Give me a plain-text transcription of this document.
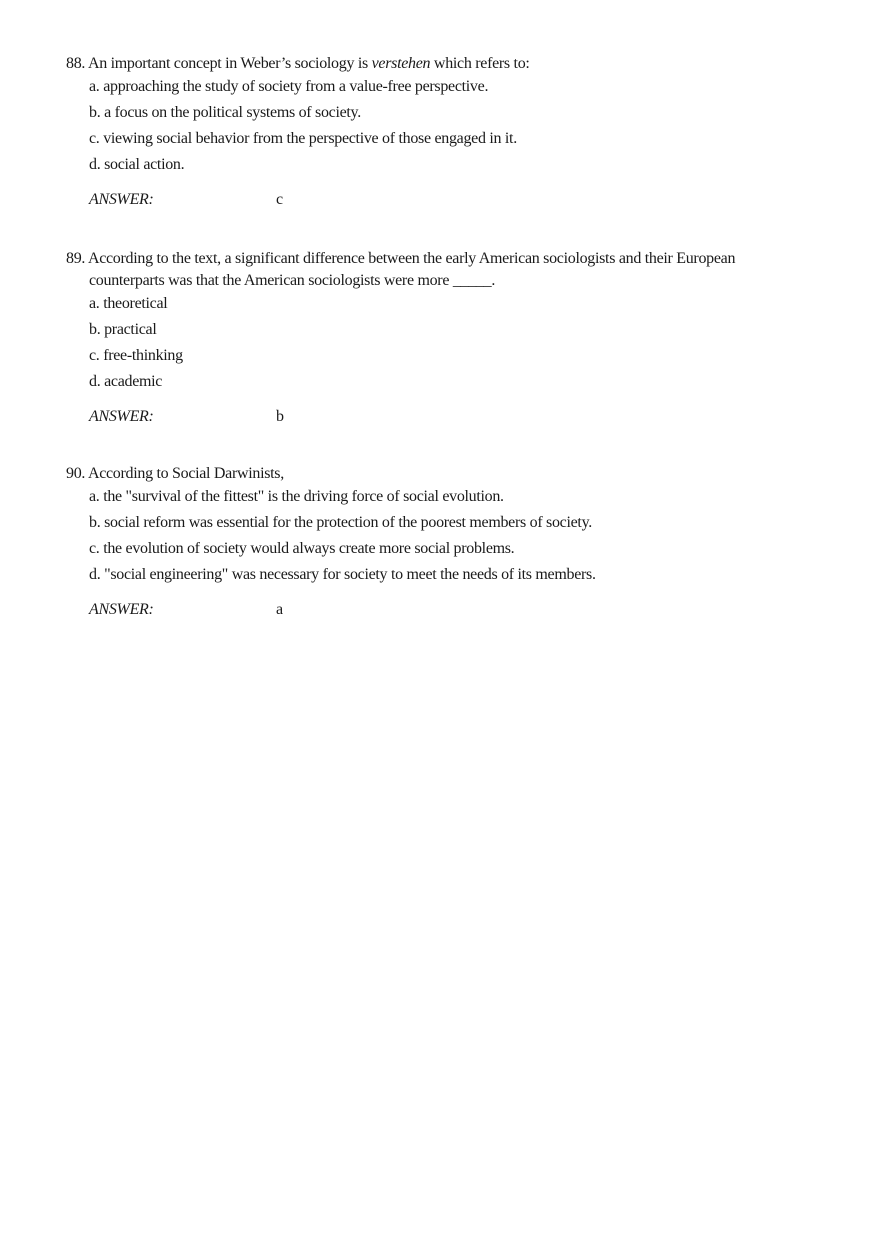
88. An important concept in Weber’s sociology is verstehen which refers to:

a. approaching the study of society from a value-free perspective.
b. a focus on the political systems of society.
c. viewing social behavior from the perspective of those engaged in it.
d. social action.
ANSWER:	c

89. According to the text, a significant difference between the early American sociologists and their European
counterparts was that the American sociologists were more _____.

a. theoretical
b. practical
c. free-thinking
d. academic
ANSWER:	b

90. According to Social Darwinists,

a. the "survival of the fittest" is the driving force of social evolution.
b. social reform was essential for the protection of the poorest members of society.
c. the evolution of society would always create more social problems.
d. "social engineering" was necessary for society to meet the needs of its members.
ANSWER:	a
